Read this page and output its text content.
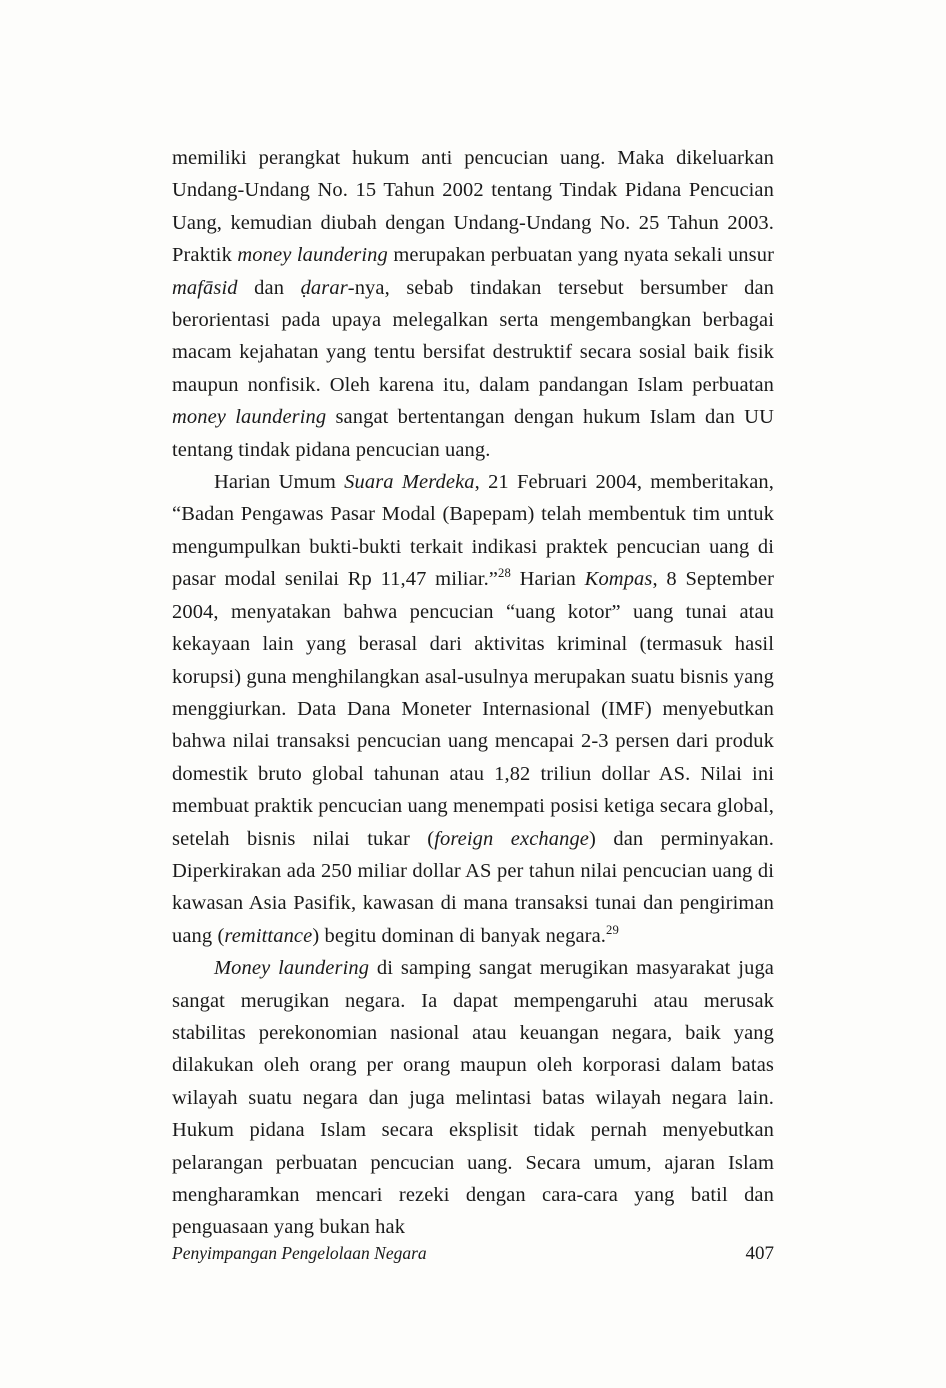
memiliki perangkat hukum anti pencucian uang. Maka dikeluarkan Undang-Undang No. 15 Tahun 2002 tentang Tindak Pidana Pencucian Uang, kemudian diubah dengan Undang-Undang No. 25 Tahun 2003. Praktik money laundering merupakan perbuatan yang nyata sekali unsur mafāsid dan ḍarar-nya, sebab tindakan tersebut bersumber dan berorientasi pada upaya melegalkan serta mengembangkan berbagai macam kejahatan yang tentu bersifat destruktif secara sosial baik fisik maupun nonfisik. Oleh karena itu, dalam pandangan Islam perbuatan money laundering sangat bertentangan dengan hukum Islam dan UU tentang tindak pidana pencucian uang.

Harian Umum Suara Merdeka, 21 Februari 2004, memberitakan, “Badan Pengawas Pasar Modal (Bapepam) telah membentuk tim untuk mengumpulkan bukti-bukti terkait indikasi praktek pencucian uang di pasar modal senilai Rp 11,47 miliar.”$^{28}$ Harian Kompas, 8 September 2004, menyatakan bahwa pencucian “uang kotor” uang tunai atau kekayaan lain yang berasal dari aktivitas kriminal (termasuk hasil korupsi) guna menghilangkan asal-usulnya merupakan suatu bisnis yang menggiurkan. Data Dana Moneter Internasional (IMF) menyebutkan bahwa nilai transaksi pencucian uang mencapai 2-3 persen dari produk domestik bruto global tahunan atau 1,82 triliun dollar AS. Nilai ini membuat praktik pencucian uang menempati posisi ketiga secara global, setelah bisnis nilai tukar (foreign exchange) dan perminyakan. Diperkirakan ada 250 miliar dollar AS per tahun nilai pencucian uang di kawasan Asia Pasifik, kawasan di mana transaksi tunai dan pengiriman uang (remittance) begitu dominan di banyak negara.$^{29}$

Money laundering di samping sangat merugikan masyarakat juga sangat merugikan negara. Ia dapat mempengaruhi atau merusak stabilitas perekonomian nasional atau keuangan negara, baik yang dilakukan oleh orang per orang maupun oleh korporasi dalam batas wilayah suatu negara dan juga melintasi batas wilayah negara lain. Hukum pidana Islam secara eksplisit tidak pernah menyebutkan pelarangan perbuatan pencucian uang. Secara umum, ajaran Islam mengharamkan mencari rezeki dengan cara-cara yang batil dan penguasaan yang bukan hak

Penyimpangan Pengelolaan Negara	407
